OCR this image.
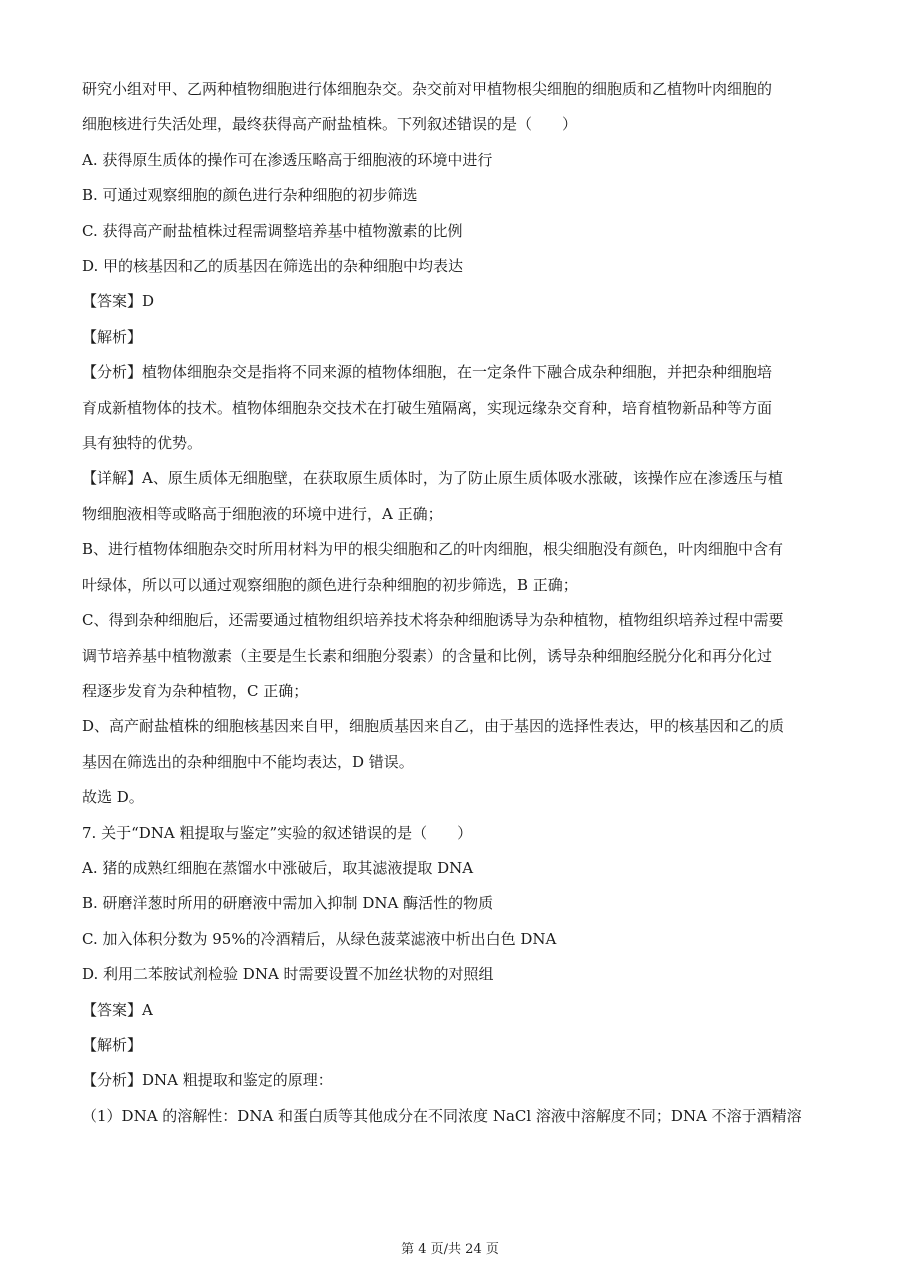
研究小组对甲、乙两种植物细胞进行体细胞杂交。杂交前对甲植物根尖细胞的细胞质和乙植物叶肉细胞的
细胞核进行失活处理，最终获得高产耐盐植株。下列叙述错误的是（　　）
A. 获得原生质体的操作可在渗透压略高于细胞液的环境中进行
B. 可通过观察细胞的颜色进行杂种细胞的初步筛选
C. 获得高产耐盐植株过程需调整培养基中植物激素的比例
D. 甲的核基因和乙的质基因在筛选出的杂种细胞中均表达
【答案】D
【解析】
【分析】植物体细胞杂交是指将不同来源的植物体细胞，在一定条件下融合成杂种细胞，并把杂种细胞培
育成新植物体的技术。植物体细胞杂交技术在打破生殖隔离，实现远缘杂交育种，培育植物新品种等方面
具有独特的优势。
【详解】A、原生质体无细胞壁，在获取原生质体时，为了防止原生质体吸水涨破，该操作应在渗透压与植
物细胞液相等或略高于细胞液的环境中进行，A 正确；
B、进行植物体细胞杂交时所用材料为甲的根尖细胞和乙的叶肉细胞，根尖细胞没有颜色，叶肉细胞中含有
叶绿体，所以可以通过观察细胞的颜色进行杂种细胞的初步筛选，B 正确；
C、得到杂种细胞后，还需要通过植物组织培养技术将杂种细胞诱导为杂种植物，植物组织培养过程中需要
调节培养基中植物激素（主要是生长素和细胞分裂素）的含量和比例，诱导杂种细胞经脱分化和再分化过
程逐步发育为杂种植物，C 正确；
D、高产耐盐植株的细胞核基因来自甲，细胞质基因来自乙，由于基因的选择性表达，甲的核基因和乙的质
基因在筛选出的杂种细胞中不能均表达，D 错误。
故选 D。
7. 关于“DNA 粗提取与鉴定”实验的叙述错误的是（　　）
A. 猪的成熟红细胞在蒸馏水中涨破后，取其滤液提取 DNA
B. 研磨洋葱时所用的研磨液中需加入抑制 DNA 酶活性的物质
C. 加入体积分数为 95%的冷酒精后，从绿色菠菜滤液中析出白色 DNA
D. 利用二苯胺试剂检验 DNA 时需要设置不加丝状物的对照组
【答案】A
【解析】
【分析】DNA 粗提取和鉴定的原理：
（1）DNA 的溶解性：DNA 和蛋白质等其他成分在不同浓度 NaCl 溶液中溶解度不同；DNA 不溶于酒精溶
第 4 页/共 24 页
